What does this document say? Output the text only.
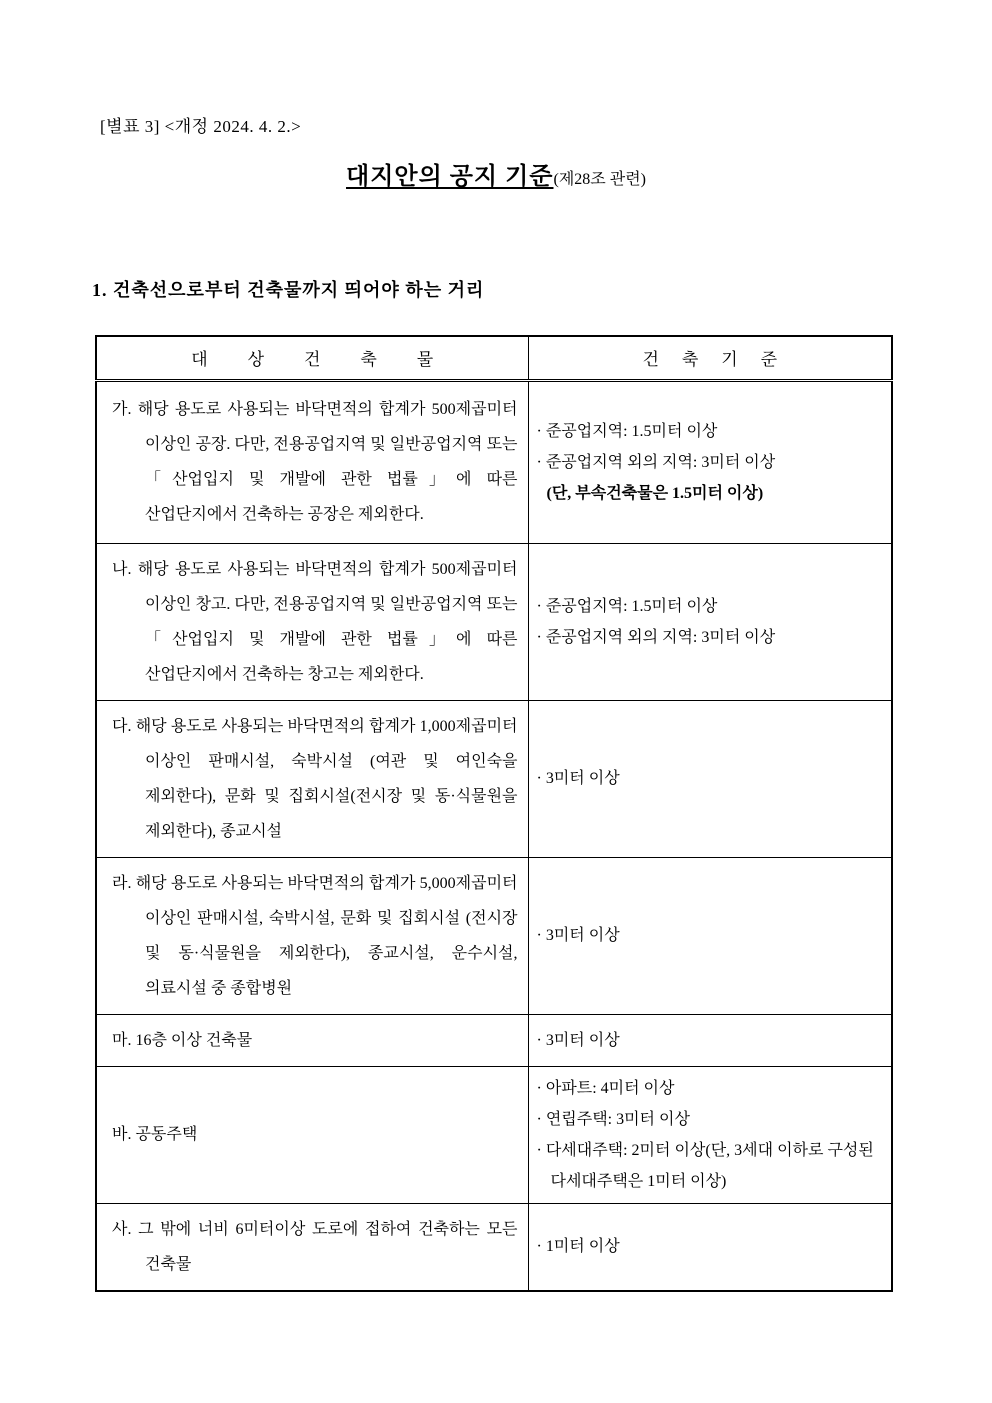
[별표 3] <개정 2024. 4. 2.>
대지안의 공지 기준(제28조 관련)
1. 건축선으로부터 건축물까지 띄어야 하는 거리
대 상 건 축 물	건 축 기 준

가. 해당 용도로 사용되는 바닥면적의 합계가 500제곱미터 이상인 공장. 다만, 전용공업지역 및 일반공업지역 또는 「산업입지 및 개발에 관한 법률」에 따른 산업단지에서 건축하는 공장은 제외한다.	· 준공업지역: 1.5미터 이상
· 준공업지역 외의 지역: 3미터 이상
(단, 부속건축물은 1.5미터 이상)

나. 해당 용도로 사용되는 바닥면적의 합계가 500제곱미터 이상인 창고. 다만, 전용공업지역 및 일반공업지역 또는 「산업입지 및 개발에 관한 법률」에 따른 산업단지에서 건축하는 창고는 제외한다.	· 준공업지역: 1.5미터 이상
· 준공업지역 외의 지역: 3미터 이상

다. 해당 용도로 사용되는 바닥면적의 합계가 1,000제곱미터 이상인 판매시설, 숙박시설 (여관 및 여인숙을 제외한다), 문화 및 집회시설(전시장 및 동·식물원을 제외한다), 종교시설	· 3미터 이상

라. 해당 용도로 사용되는 바닥면적의 합계가 5,000제곱미터 이상인 판매시설, 숙박시설, 문화 및 집회시설 (전시장 및 동·식물원을 제외한다), 종교시설, 운수시설, 의료시설 중 종합병원	· 3미터 이상

마. 16층 이상 건축물	· 3미터 이상

바. 공동주택	· 아파트: 4미터 이상
· 연립주택: 3미터 이상
· 다세대주택: 2미터 이상(단, 3세대 이하로 구성된 다세대주택은 1미터 이상)

사. 그 밖에 너비 6미터이상 도로에 접하여 건축하는 모든 건축물	· 1미터 이상
